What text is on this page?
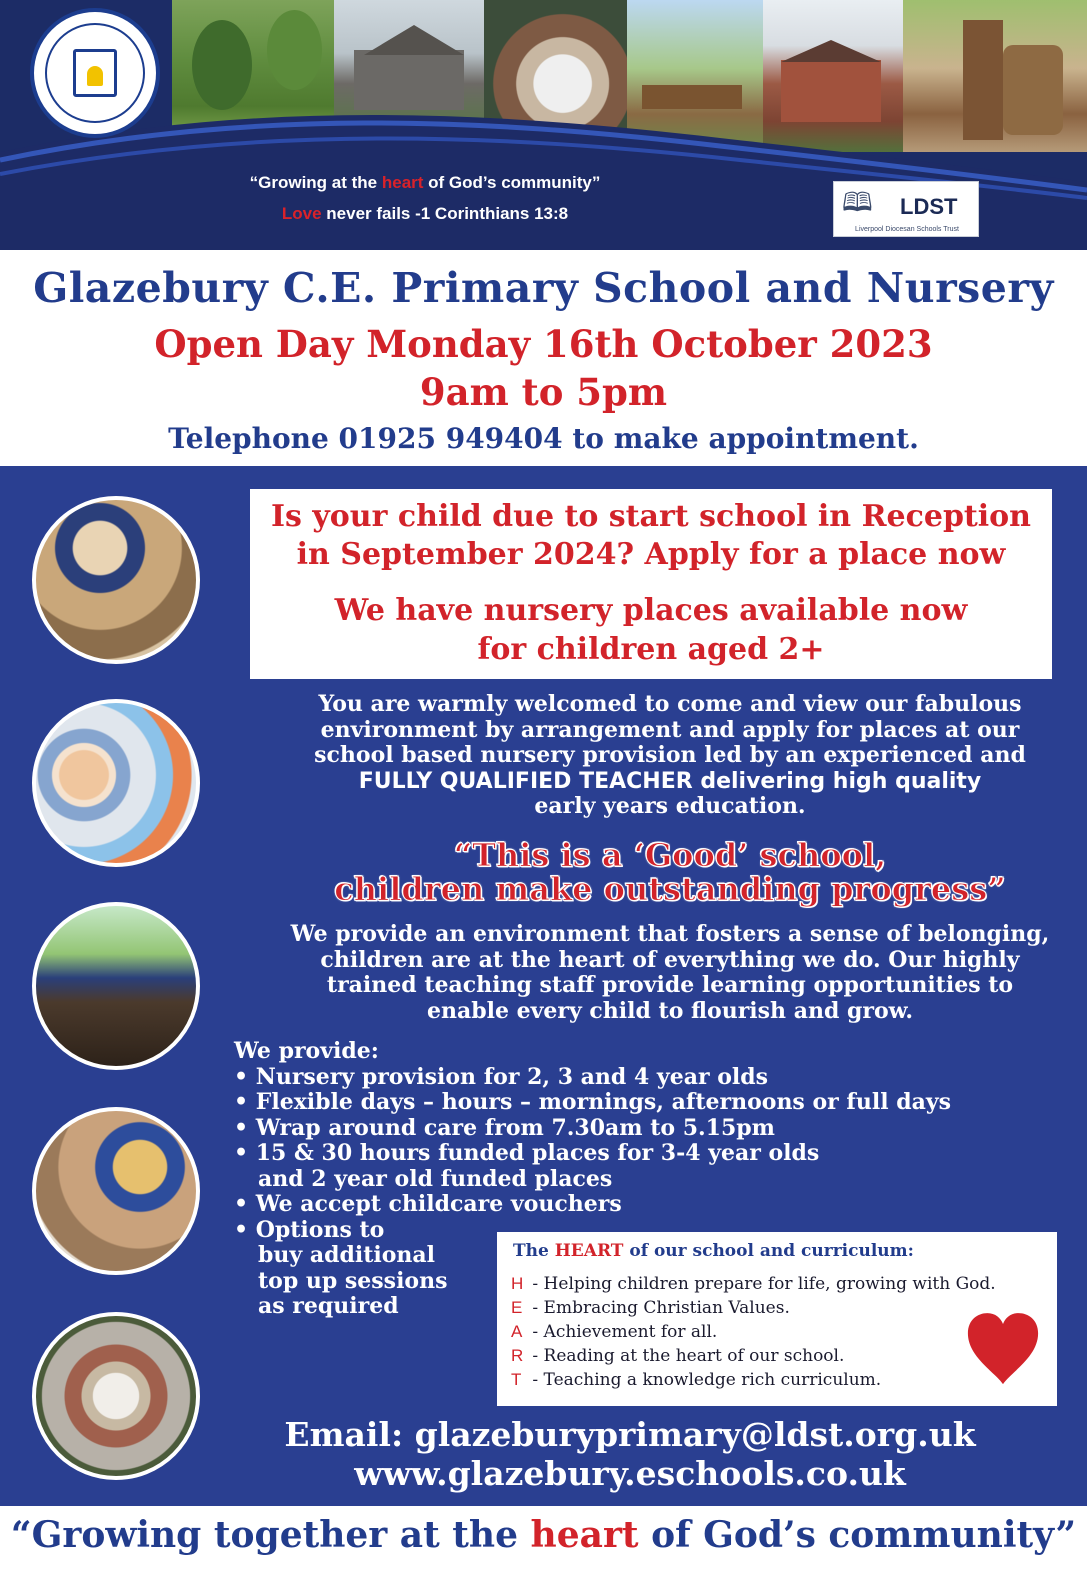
“Growing at the heart of God’s community”
Love never fails -1 Corinthians 13:8	🕮 LDST
Liverpool Diocesan Schools Trust
Glazebury C.E. Primary School and Nursery
Open Day Monday 16th October 2023
9am to 5pm
Telephone 01925 949404 to make appointment.
Is your child due to start school in Reception
in September 2024? Apply for a place now
We have nursery places available now
for children aged 2+
You are warmly welcomed to come and view our fabulous
environment by arrangement and apply for places at our
school based nursery provision led by an experienced and
FULLY QUALIFIED TEACHER delivering high quality
early years education.
“This is a ‘Good’ school,
children make outstanding progress”
We provide an environment that fosters a sense of belonging,
children are at the heart of everything we do. Our highly
trained teaching staff provide learning opportunities to
enable every child to flourish and grow.
We provide:
• Nursery provision for 2, 3 and 4 year olds
• Flexible days – hours – mornings, afternoons or full days
• Wrap around care from 7.30am to 5.15pm
• 15 & 30 hours funded places for 3-4 year olds
and 2 year old funded places
• We accept childcare vouchers
• Options to
buy additional
top up sessions
as required
The HEART of our school and curriculum:
H - Helping children prepare for life, growing with God.
E - Embracing Christian Values.
A - Achievement for all.
R - Reading at the heart of our school.
T - Teaching a knowledge rich curriculum.
Email: glazeburyprimary@ldst.org.uk
www.glazebury.eschools.co.uk
“Growing together at the heart of God’s community”
